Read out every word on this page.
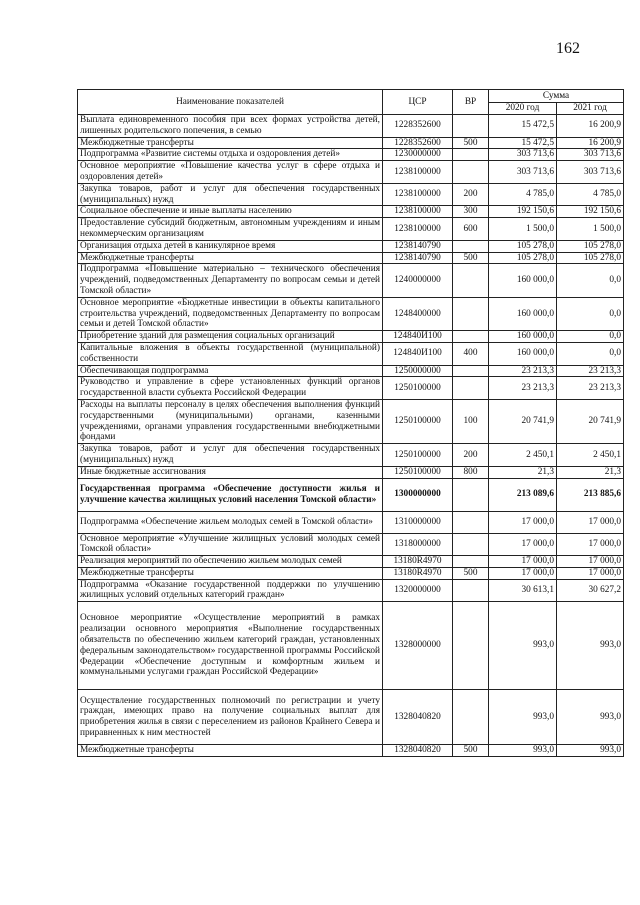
162
Наименование показателей	ЦСР	ВР	Сумма	
			2020 год	2021 год
Выплата единовременного пособия при всех формах устройства детей, лишенных родительского попечения, в семью	1228352600		15 472,5	16 200,9
Межбюджетные трансферты	1228352600	500	15 472,5	16 200,9
Подпрограмма «Развитие системы отдыха и оздоровления детей»	1230000000		303 713,6	303 713,6
Основное мероприятие «Повышение качества услуг в сфере отдыха и оздоровления детей»	1238100000		303 713,6	303 713,6
Закупка товаров, работ и услуг для обеспечения государственных (муниципальных) нужд	1238100000	200	4 785,0	4 785,0
Социальное обеспечение и иные выплаты населению	1238100000	300	192 150,6	192 150,6
Предоставление субсидий бюджетным, автономным учреждениям и иным некоммерческим организациям	1238100000	600	1 500,0	1 500,0
Организация отдыха детей в каникулярное время	1238140790		105 278,0	105 278,0
Межбюджетные трансферты	1238140790	500	105 278,0	105 278,0
Подпрограмма «Повышение материально – технического обеспечения учреждений, подведомственных Департаменту по вопросам семьи и детей Томской области»	1240000000		160 000,0	0,0
Основное мероприятие «Бюджетные инвестиции в объекты капитального строительства учреждений, подведомственных Департаменту по вопросам семьи и детей Томской области»	1248400000		160 000,0	0,0
Приобретение зданий для размещения социальных организаций	124840И100		160 000,0	0,0
Капитальные вложения в объекты государственной (муниципальной) собственности	124840И100	400	160 000,0	0,0
Обеспечивающая подпрограмма	1250000000		23 213,3	23 213,3
Руководство и управление в сфере установленных функций органов государственной власти субъекта Российской Федерации	1250100000		23 213,3	23 213,3
Расходы на выплаты персоналу в целях обеспечения выполнения функций государственными (муниципальными) органами, казенными учреждениями, органами управления государственными внебюджетными фондами	1250100000	100	20 741,9	20 741,9
Закупка товаров, работ и услуг для обеспечения государственных (муниципальных) нужд	1250100000	200	2 450,1	2 450,1
Иные бюджетные ассигнования	1250100000	800	21,3	21,3
Государственная программа «Обеспечение доступности жилья и улучшение качества жилищных условий населения Томской области»	1300000000		213 089,6	213 885,6
Подпрограмма «Обеспечение жильем молодых семей в Томской области»	1310000000		17 000,0	17 000,0
Основное мероприятие «Улучшение жилищных условий молодых семей Томской области»	1318000000		17 000,0	17 000,0
Реализация мероприятий по обеспечению жильем молодых семей	13180R4970		17 000,0	17 000,0
Межбюджетные трансферты	13180R4970	500	17 000,0	17 000,0
Подпрограмма «Оказание государственной поддержки по улучшению жилищных условий отдельных категорий граждан»	1320000000		30 613,1	30 627,2
Основное мероприятие «Осуществление мероприятий в рамках реализации основного мероприятия «Выполнение государственных обязательств по обеспечению жильем категорий граждан, установленных федеральным законодательством» государственной программы Российской Федерации «Обеспечение доступным и комфортным жильем и коммунальными услугами граждан Российской Федерации»	1328000000		993,0	993,0
Осуществление государственных полномочий по регистрации и учету граждан, имеющих право на получение социальных выплат для приобретения жилья в связи с переселением из районов Крайнего Севера и приравненных к ним местностей	1328040820		993,0	993,0
Межбюджетные трансферты	1328040820	500	993,0	993,0
